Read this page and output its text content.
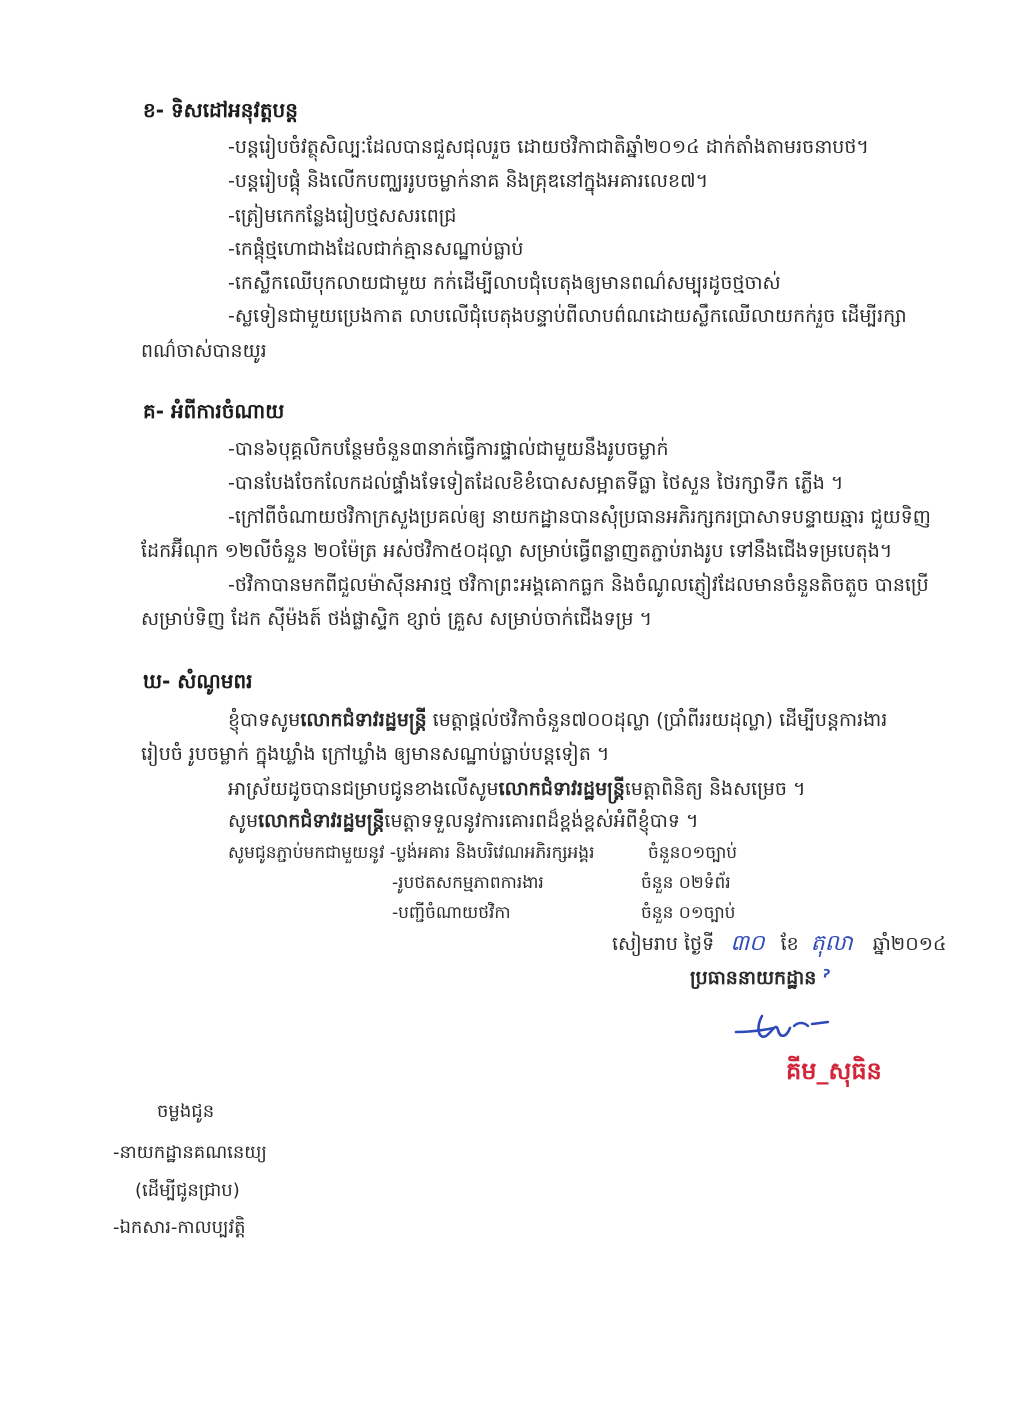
ខ- ទិសដៅអនុវត្តបន្ត
-បន្តរៀបចំវត្ថុសិល្បៈដែលបានជួសជុលរួច ដោយថវិកាជាតិឆ្នាំ២០១៤ ដាក់តាំងតាមរចនាបថ។
-បន្តរៀបផ្តុំ និងលើកបញ្ឈររូបចម្លាក់នាគ និងគ្រុឌនៅក្នុងអគារលេខ៧។
-ត្រៀមកេកន្លែងរៀបថ្មសសរពេជ្រ
-កេផ្តុំថ្មហោជាងដែលជាក់គ្មានសណ្ឋាប់ធ្លាប់
-កេស្លឹកឈើបុកលាយជាមួយ កក់ដើម្បីលាបជុំបេតុងឲ្យមានពណ៌សម្បុរដូចថ្មចាស់
-ស្លទៀនជាមួយប្រេងកាត លាបលើជុំបេតុងបន្ទាប់ពីលាបព៌ណដោយស្លឹកឈើលាយកក់រួច ដើម្បីរក្សា
ពណ៌ចាស់បានយូរ
គ- អំពីការចំណាយ
-បាន៦បុគ្គលិកបន្ថែមចំនួន៣នាក់ធ្វើការផ្ទាល់ជាមួយនឹងរូបចម្លាក់
-បានបែងចែកលែកដល់ផ្ទាំងទែទៀតដែលខិខំបោសសម្អាតទីធ្លា ថៃសួន ថៃរក្សាទឹក ភ្លើង ។
-ក្រៅពីចំណាយថវិកាក្រសួងប្រគល់ឲ្យ នាយកដ្ឋានបានសុំប្រធានអភិរក្សករប្រាសាទបន្ទាយឆ្មារ ជួយទិញ
ដែកអ៊ីណុក ១២លីចំនួន ២០ម៉ែត្រ អស់ថវិកា៥០ដុល្លា សម្រាប់ធ្វើពន្លាញតភ្ជាប់រាងរូប ទៅនឹងជើងទម្របេតុង។
-ថវិកាបានមកពីជួលម៉ាស៊ីនអារថ្ម ថវិកាព្រះអង្គគោកធ្លក និងចំណូលភ្ញៀវដែលមានចំនួនតិចតួច បានប្រើ
សម្រាប់ទិញ ដែក ស៊ីម៉ងត៍ ថង់ផ្លាស្ទិក ខ្សាច់ គ្រួស សម្រាប់ចាក់ជើងទម្រ ។
ឃ- សំណូមពរ
ខ្ញុំបាទសូមលោកជំទាវរដ្ឋមន្ត្រី មេត្តាផ្តល់ថវិកាចំនួន៧០០ដុល្លា (ប្រាំពីររយដុល្លា) ដើម្បីបន្តការងារ
រៀបចំ រូបចម្លាក់ ក្នុងឃ្លាំង ក្រៅឃ្លាំង ឲ្យមានសណ្ឋាប់ធ្លាប់បន្តទៀត ។
អាស្រ័យដូចបានជម្រាបជូនខាងលើសូមលោកជំទាវរដ្ឋមន្ត្រីមេត្តាពិនិត្យ និងសម្រេច ។
សូមលោកជំទាវរដ្ឋមន្ត្រីមេត្តាទទួលនូវការគោរពដ៏ខ្ពង់ខ្ពស់អំពីខ្ញុំបាទ ។
សូមជូនភ្ជាប់មកជាមួយនូវ -ប្លង់អគារ និងបរិវេណអភិរក្សអង្គរ	ចំនួន០១ច្បាប់
-រូបថតសកម្មភាពការងារ	ចំនួន ០២ទំព័រ
-បញ្ជីចំណាយថវិកា	ចំនួន ០១ច្បាប់
សៀមរាប ថ្ងៃទី ៣០ ខែ តុលា ឆ្នាំ២០១៤
ប្រធាននាយកដ្ឋាន ˀ
គីម_សុធិន
ចម្លងជូន
-នាយកដ្ឋានគណនេយ្យ
(ដើម្បីជូនជ្រាប)
-ឯកសារ-កាលប្បវត្តិ
